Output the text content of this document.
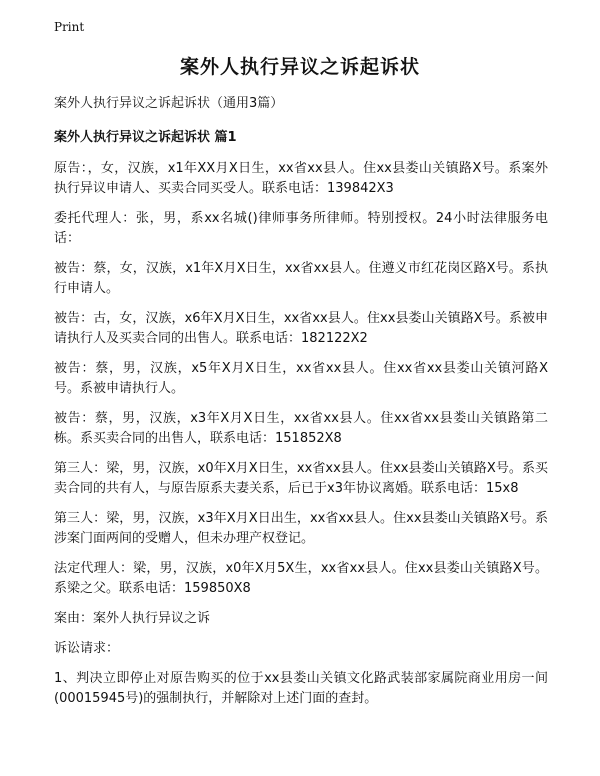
Print
案外人执行异议之诉起诉状
案外人执行异议之诉起诉状（通用3篇）
案外人执行异议之诉起诉状 篇1

原告：，女，汉族，x1年XX月X日生，xx省xx县人。住xx县娄山关镇路X号。系案外执行异议申请人、买卖合同买受人。联系电话：139842X3

委托代理人：张，男，系xx名城()律师事务所律师。特别授权。24小时法律服务电话：

被告：蔡，女，汉族，x1年X月X日生，xx省xx县人。住遵义市红花岗区路X号。系执行申请人。

被告：古，女，汉族，x6年X月X日生，xx省xx县人。住xx县娄山关镇路X号。系被申请执行人及买卖合同的出售人。联系电话：182122X2

被告：蔡，男，汉族，x5年X月X日生，xx省xx县人。住xx省xx县娄山关镇河路X号。系被申请执行人。

被告：蔡，男，汉族，x3年X月X日生，xx省xx县人。住xx省xx县娄山关镇路第二栋。系买卖合同的出售人，联系电话：151852X8

第三人：梁，男，汉族，x0年X月X日生，xx省xx县人。住xx县娄山关镇路X号。系买卖合同的共有人，与原告原系夫妻关系，后已于x3年协议离婚。联系电话：15x8

第三人：梁，男，汉族，x3年X月X日出生，xx省xx县人。住xx县娄山关镇路X号。系涉案门面两间的受赠人，但未办理产权登记。

法定代理人：梁，男，汉族，x0年X月5X生，xx省xx县人。住xx县娄山关镇路X号。系梁之父。联系电话：159850X8

案由：案外人执行异议之诉

诉讼请求：

1、判决立即停止对原告购买的位于xx县娄山关镇文化路武装部家属院商业用房一间(00015945号)的强制执行，并解除对上述门面的查封。
